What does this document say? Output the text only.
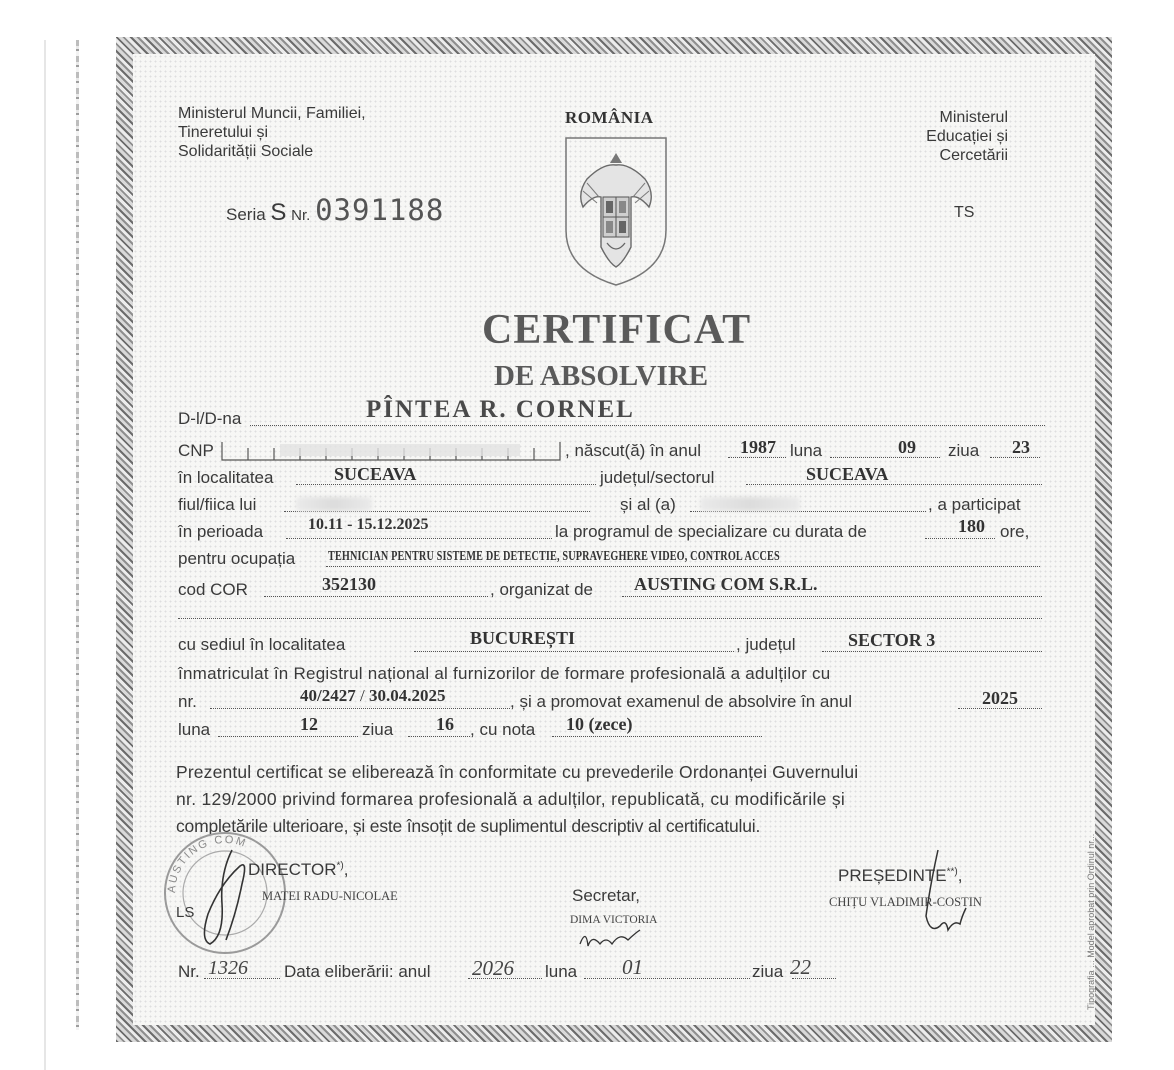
Ministerul Muncii, Familiei,
Tineretului și
Solidarității Sociale
ROMÂNIA	Ministerul
Educației și
Cercetării
Seria S Nr. 0391188	TS
CERTIFICAT
DE ABSOLVIRE
D-l/D-na	PÎNTEA R. CORNEL
CNP	, născut(ă) în anul 1987 luna	09 ziua 23
în localitatea	SUCEAVA	județul/sectorul	SUCEAVA
fiul/fiica lui	și al (a)	, a participat
în perioada	10.11 - 15.12.2025	la programul de specializare cu durata de	180 ore,
pentru ocupația TEHNICIAN PENTRU SISTEME DE DETECTIE, SUPRAVEGHERE VIDEO, CONTROL ACCES
cod COR	352130	, organizat de AUSTING COM S.R.L.
cu sediul în localitatea	BUCUREȘTI	, județul	SECTOR 3
înmatriculat în Registrul național al furnizorilor de formare profesională a adulților cu
nr.	40/2427 / 30.04.2025	, și a promovat examenul de absolvire în anul	2025
luna	12	ziua 16 , cu nota 10 (zece)
Prezentul certificat se eliberează în conformitate cu prevederile Ordonanței Guvernului
nr. 129/2000 privind formarea profesională a adulților, republicată, cu modificările și
completările ulterioare, și este însoțit de suplimentul descriptiv al certificatului.
AUSTING COM
DIRECTOR*),
MATEI RADU-NICOLAE
LS
Secretar,
DIMA VICTORIA
PREȘEDINTE**),
CHIȚU VLADIMIR-COSTIN
Nr. 1326 Data eliberării: anul 2026 luna 01	ziua 22	Tipografia ... Model aprobat prin Ordinul nr...
